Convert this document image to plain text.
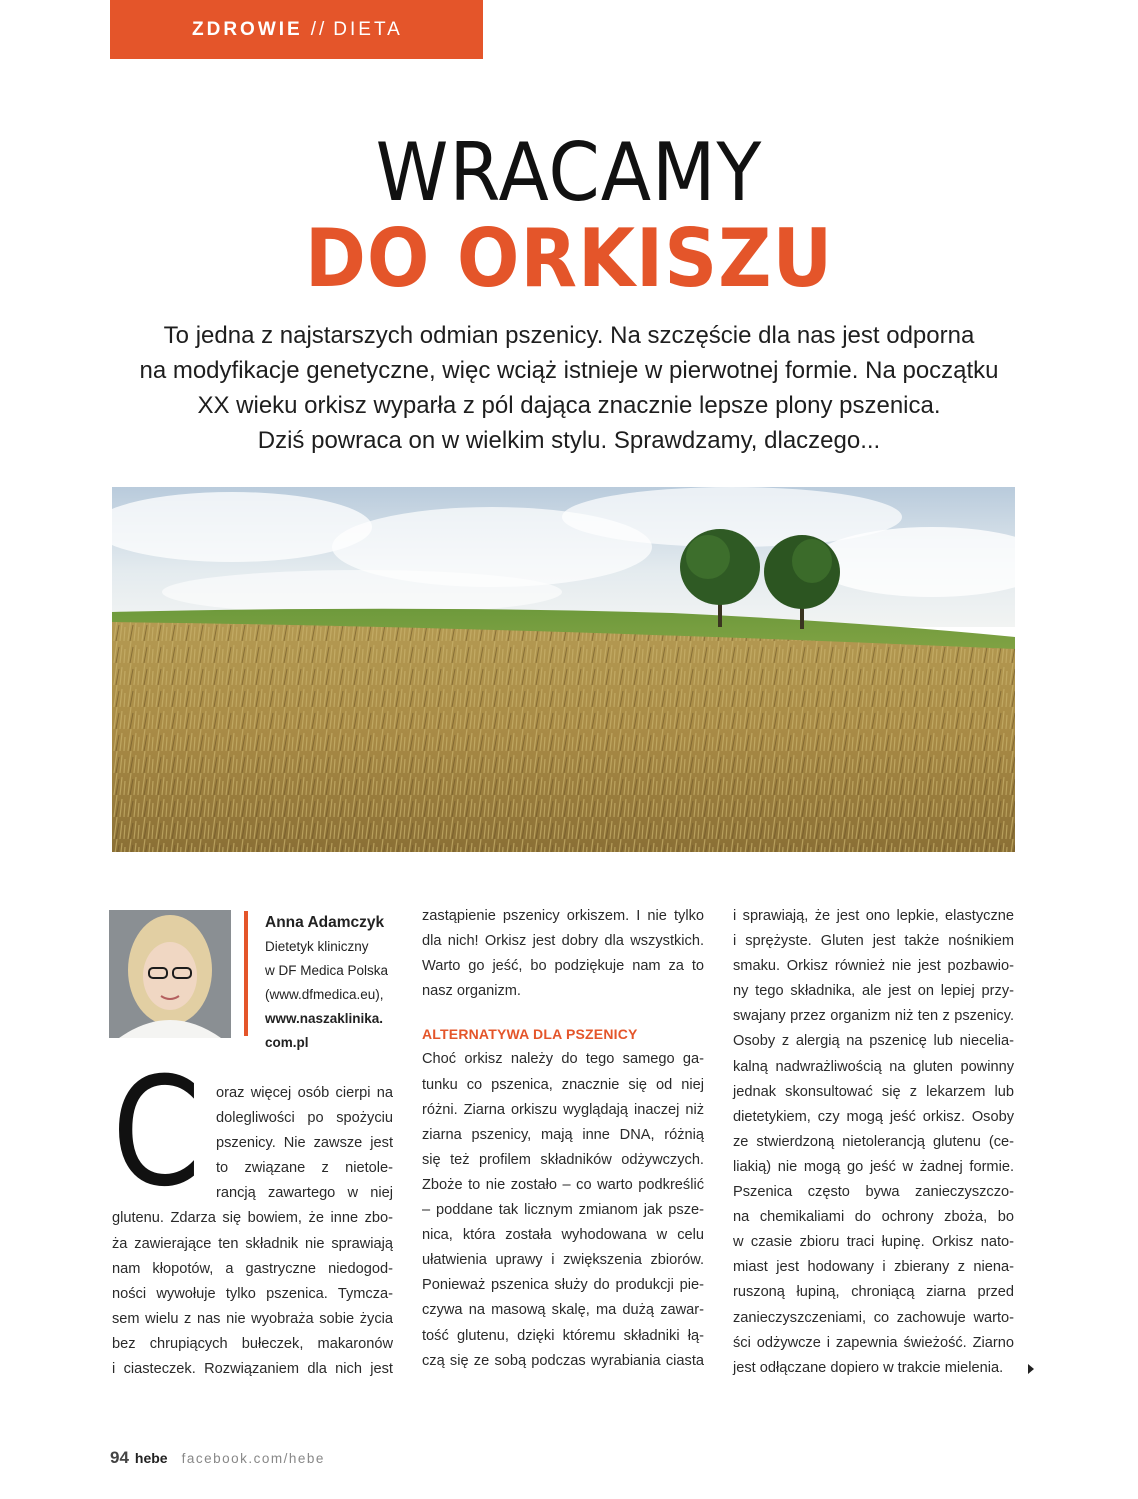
ZDROWIE // DIETA
WRACAMY
DO ORKISZU
To jedna z najstarszych odmian pszenicy. Na szczęście dla nas jest odporna
na modyfikacje genetyczne, więc wciąż istnieje w pierwotnej formie. Na początku
XX wieku orkisz wyparła z pól dająca znacznie lepsze plony pszenica.
Dziś powraca on w wielkim stylu. Sprawdzamy, dlaczego...
Anna Adamczyk
Dietetyk kliniczny
w DF Medica Polska
(www.dfmedica.eu),
www.naszaklinika.
com.pl
C oraz więcej osób cierpi na
dolegliwości po spożyciu
pszenicy. Nie zawsze jest
to związane z nietole-
rancją zawartego w niej
glutenu. Zdarza się bowiem, że inne zbo-
ża zawierające ten składnik nie sprawiają
nam kłopotów, a gastryczne niedogod-
ności wywołuje tylko pszenica. Tymcza-
sem wielu z nas nie wyobraża sobie życia
bez chrupiących bułeczek, makaronów
i ciasteczek. Rozwiązaniem dla nich jest
zastąpienie pszenicy orkiszem. I nie tylko
dla nich! Orkisz jest dobry dla wszystkich.
Warto go jeść, bo podziękuje nam za to
nasz organizm.
ALTERNATYWA DLA PSZENICY
Choć orkisz należy do tego samego ga-
tunku co pszenica, znacznie się od niej
różni. Ziarna orkiszu wyglądają inaczej niż
ziarna pszenicy, mają inne DNA, różnią
się też profilem składników odżywczych.
Zboże to nie zostało – co warto podkreślić
– poddane tak licznym zmianom jak psze-
nica, która została wyhodowana w celu
ułatwienia uprawy i zwiększenia zbiorów.
Ponieważ pszenica służy do produkcji pie-
czywa na masową skalę, ma dużą zawar-
tość glutenu, dzięki któremu składniki łą-
czą się ze sobą podczas wyrabiania ciasta
i sprawiają, że jest ono lepkie, elastyczne
i sprężyste. Gluten jest także nośnikiem
smaku. Orkisz również nie jest pozbawio-
ny tego składnika, ale jest on lepiej przy-
swajany przez organizm niż ten z pszenicy.
Osoby z alergią na pszenicę lub nieceliа-
kalną nadwrażliwością na gluten powinny
jednak skonsultować się z lekarzem lub
dietetykiem, czy mogą jeść orkisz. Osoby
ze stwierdzoną nietolerancją glutenu (ce-
liakią) nie mogą go jeść w żadnej formie.
Pszenica często bywa zanieczyszczo-
na chemikaliami do ochrony zboża, bo
w czasie zbioru traci łupinę. Orkisz nato-
miast jest hodowany i zbierany z niena-
ruszoną łupiną, chroniącą ziarna przed
zanieczyszczeniami, co zachowuje warto-
ści odżywcze i zapewnia świeżość. Ziarno
jest odłączane dopiero w trakcie mielenia.
94 hebe facebook.com/hebe
